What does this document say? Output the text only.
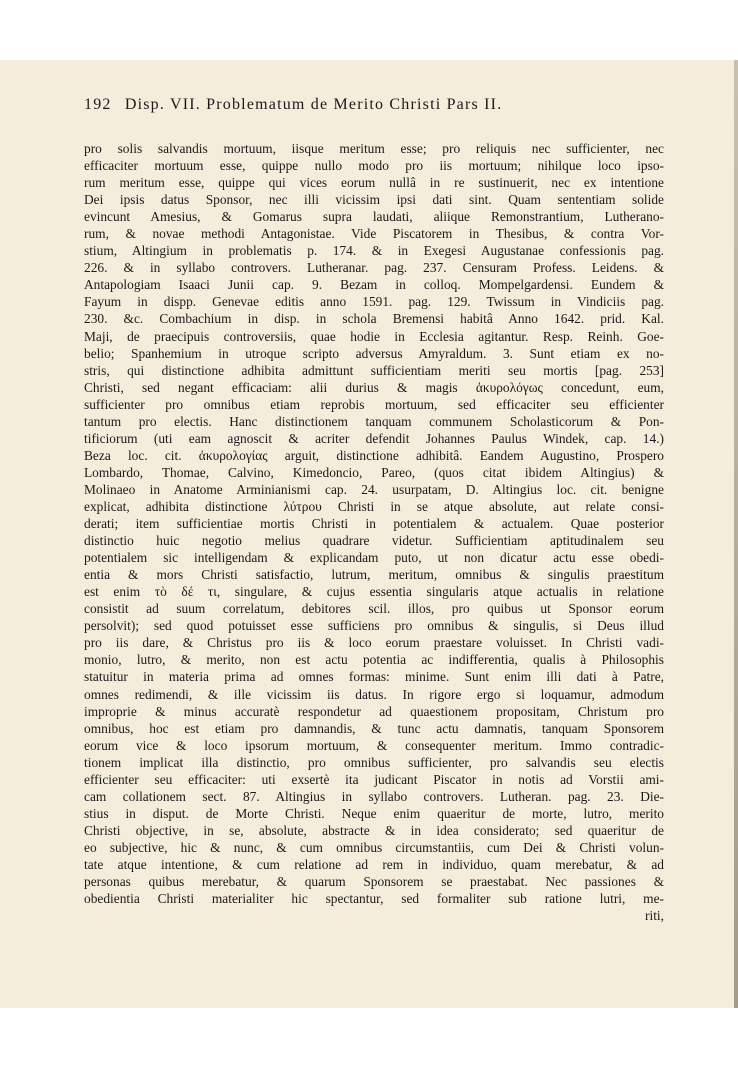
192 Disp. VII. Problematum de Merito Christi Pars II.
pro solis salvandis mortuum, iisque meritum esse; pro reliquis nec sufficienter, nec
efficaciter mortuum esse, quippe nullo modo pro iis mortuum; nihilque loco ipso-
rum meritum esse, quippe qui vices eorum nullâ in re sustinuerit, nec ex intentione
Dei ipsis datus Sponsor, nec illi vicissim ipsi dati sint. Quam sententiam solide
evincunt Amesius, & Gomarus supra laudati, aliique Remonstrantium, Lutherano-
rum, & novae methodi Antagonistae. Vide Piscatorem in Thesibus, & contra Vor-
stium, Altingium in problematis p. 174. & in Exegesi Augustanae confessionis pag.
226. & in syllabo controvers. Lutheranar. pag. 237. Censuram Profess. Leidens. &
Antapologiam Isaaci Junii cap. 9. Bezam in colloq. Mompelgardensi. Eundem &
Fayum in dispp. Genevae editis anno 1591. pag. 129. Twissum in Vindiciis pag.
230. &c. Combachium in disp. in schola Bremensi habitâ Anno 1642. prid. Kal.
Maji, de praecipuis controversiis, quae hodie in Ecclesia agitantur. Resp. Reinh. Goe-
belio; Spanhemium in utroque scripto adversus Amyraldum. 3. Sunt etiam ex no-
stris, qui distinctione adhibita admittunt sufficientiam meriti seu mortis [pag. 253]
Christi, sed negant efficaciam: alii durius & magis ἀκυρολόγως concedunt, eum,
sufficienter pro omnibus etiam reprobis mortuum, sed efficaciter seu efficienter
tantum pro electis. Hanc distinctionem tanquam communem Scholasticorum & Pon-
tificiorum (uti eam agnoscit & acriter defendit Johannes Paulus Windek, cap. 14.)
Beza loc. cit. ἀκυρολογίας arguit, distinctione adhibitâ. Eandem Augustino, Prospero
Lombardo, Thomae, Calvino, Kimedoncio, Pareo, (quos citat ibidem Altingius) &
Molinaeo in Anatome Arminianismi cap. 24. usurpatam, D. Altingius loc. cit. benigne
explicat, adhibita distinctione λύτρου Christi in se atque absolute, aut relate consi-
derati; item sufficientiae mortis Christi in potentialem & actualem. Quae posterior
distinctio huic negotio melius quadrare videtur. Sufficientiam aptitudinalem seu
potentialem sic intelligendam & explicandam puto, ut non dicatur actu esse obedi-
entia & mors Christi satisfactio, lutrum, meritum, omnibus & singulis praestitum
est enim τὸ δέ τι, singulare, & cujus essentia singularis atque actualis in relatione
consistit ad suum correlatum, debitores scil. illos, pro quibus ut Sponsor eorum
persolvit); sed quod potuisset esse sufficiens pro omnibus & singulis, si Deus illud
pro iis dare, & Christus pro iis & loco eorum praestare voluisset. In Christi vadi-
monio, lutro, & merito, non est actu potentia ac indifferentia, qualis à Philosophis
statuitur in materia prima ad omnes formas: minime. Sunt enim illi dati à Patre,
omnes redimendi, & ille vicissim iis datus. In rigore ergo si loquamur, admodum
improprie & minus accuratè respondetur ad quaestionem propositam, Christum pro
omnibus, hoc est etiam pro damnandis, & tunc actu damnatis, tanquam Sponsorem
eorum vice & loco ipsorum mortuum, & consequenter meritum. Immo contradic-
tionem implicat illa distinctio, pro omnibus sufficienter, pro salvandis seu electis
efficienter seu efficaciter: uti exsertè ita judicant Piscator in notis ad Vorstii ami-
cam collationem sect. 87. Altingius in syllabo controvers. Lutheran. pag. 23. Die-
stius in disput. de Morte Christi. Neque enim quaeritur de morte, lutro, merito
Christi objective, in se, absolute, abstracte & in idea considerato; sed quaeritur de
eo subjective, hic & nunc, & cum omnibus circumstantiis, cum Dei & Christi volun-
tate atque intentione, & cum relatione ad rem in individuo, quam merebatur, & ad
personas quibus merebatur, & quarum Sponsorem se praestabat. Nec passiones &
obedientia Christi materialiter hic spectantur, sed formaliter sub ratione lutri, me-
riti,
